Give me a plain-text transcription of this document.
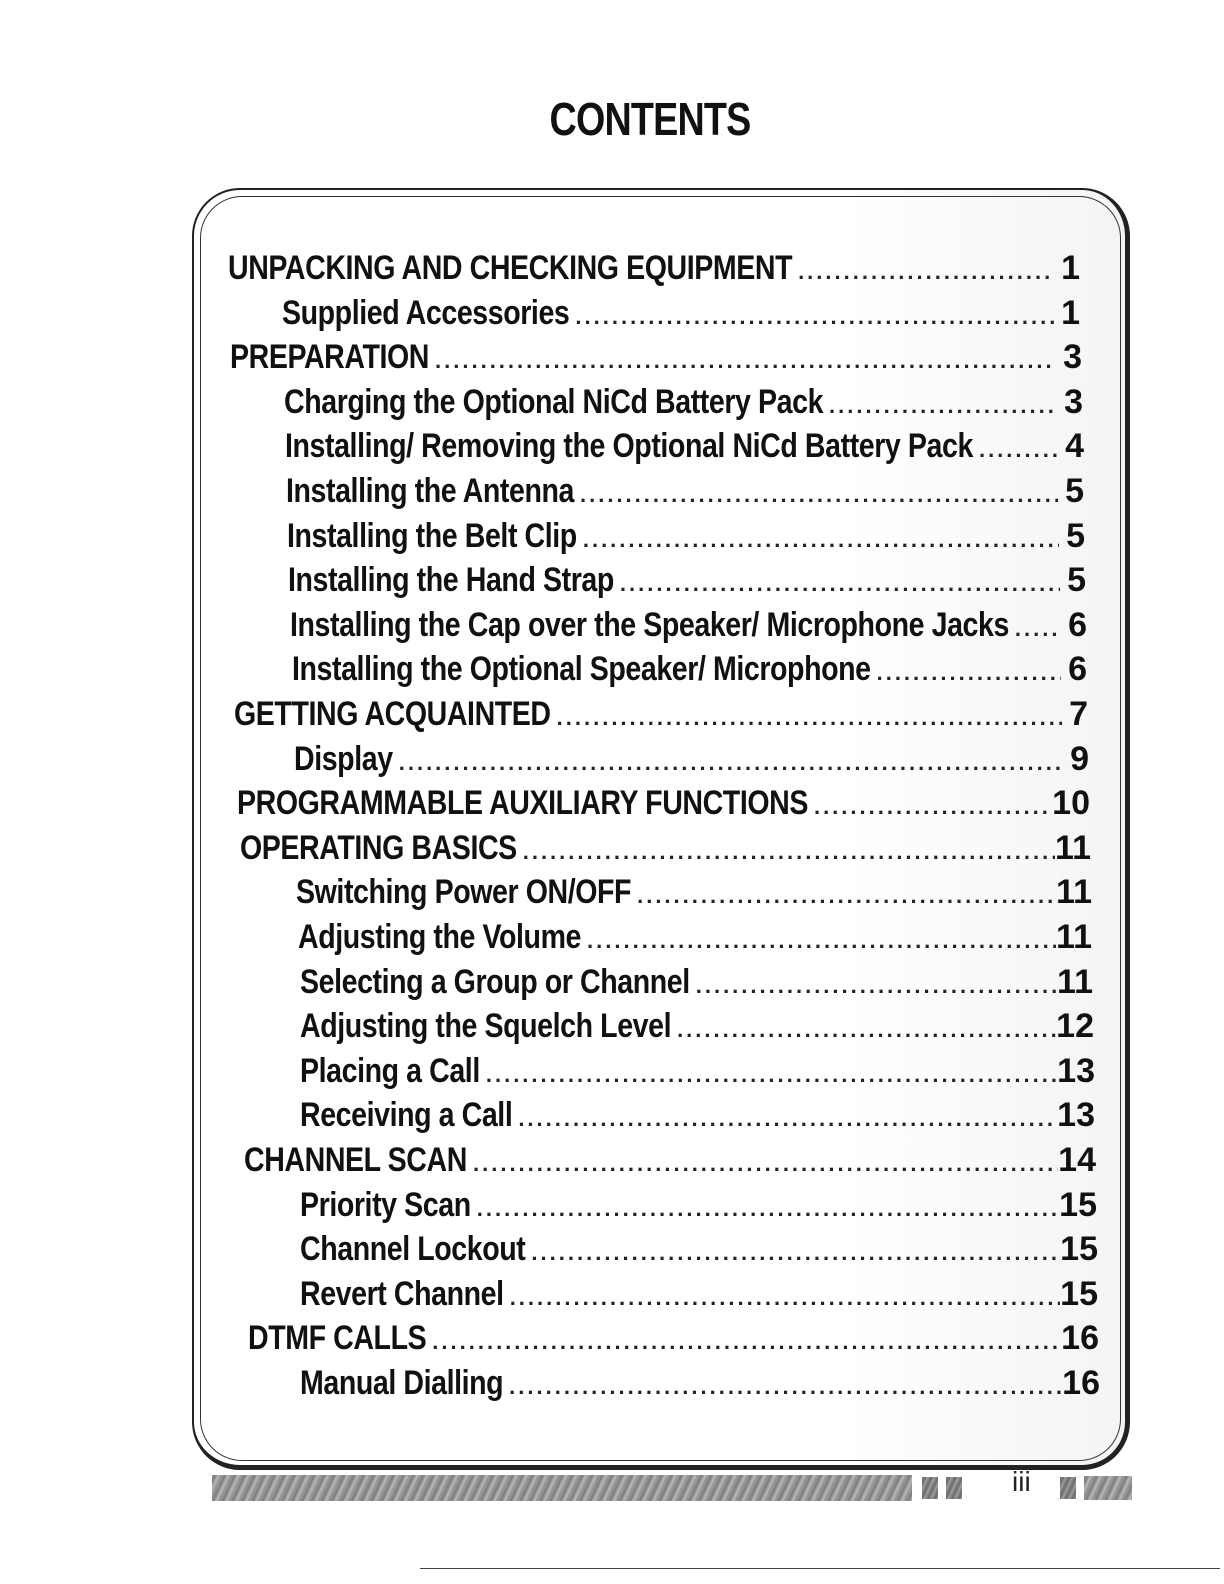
CONTENTS
UNPACKING AND CHECKING EQUIPMENT .....	1
Supplied Accessories .....	1
PREPARATION .....	3
Charging the Optional NiCd Battery Pack .....	3
Installing/ Removing the Optional NiCd Battery Pack .....	4
Installing the Antenna .....	5
Installing the Belt Clip .....	5
Installing the Hand Strap .....	5
Installing the Cap over the Speaker/ Microphone Jacks ..... 6
Installing the Optional Speaker/ Microphone .....	6
GETTING ACQUAINTED .....	7
Display .....	9
PROGRAMMABLE AUXILIARY FUNCTIONS .....	10
OPERATING BASICS .....	11
Switching Power ON/OFF .....	11
Adjusting the Volume .....	11
Selecting a Group or Channel .....	11
Adjusting the Squelch Level .....	12
Placing a Call .....	13
Receiving a Call .....	13
CHANNEL SCAN .....	14
Priority Scan .....	15
Channel Lockout .....	15
Revert Channel .....	15
DTMF CALLS .....	16
Manual Dialling .....	16
iii
